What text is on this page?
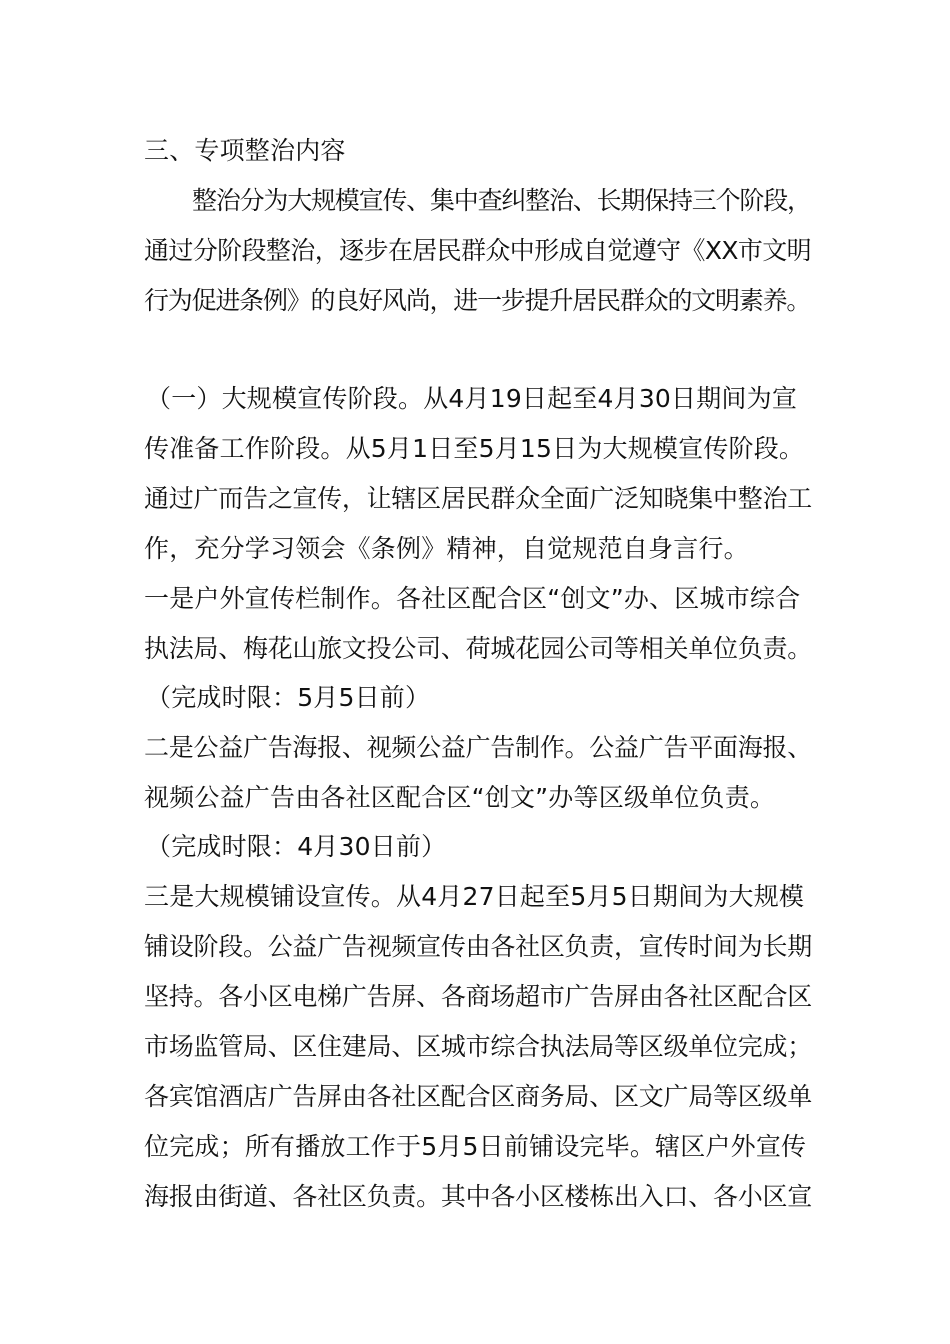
三、专项整治内容

整治分为大规模宣传、集中查纠整治、长期保持三个阶段，

通过分阶段整治，逐步在居民群众中形成自觉遵守《XX市文明

行为促进条例》的良好风尚，进一步提升居民群众的文明素养。

（一）大规模宣传阶段。从4月19日起至4月30日期间为宣

传准备工作阶段。从5月1日至5月15日为大规模宣传阶段。

通过广而告之宣传，让辖区居民群众全面广泛知晓集中整治工

作，充分学习领会《条例》精神，自觉规范自身言行。

一是户外宣传栏制作。各社区配合区“创文”办、区城市综合

执法局、梅花山旅文投公司、荷城花园公司等相关单位负责。

（完成时限：5月5日前）

二是公益广告海报、视频公益广告制作。公益广告平面海报、

视频公益广告由各社区配合区“创文”办等区级单位负责。

（完成时限：4月30日前）

三是大规模铺设宣传。从4月27日起至5月5日期间为大规模

铺设阶段。公益广告视频宣传由各社区负责，宣传时间为长期

坚持。各小区电梯广告屏、各商场超市广告屏由各社区配合区

市场监管局、区住建局、区城市综合执法局等区级单位完成；

各宾馆酒店广告屏由各社区配合区商务局、区文广局等区级单

位完成；所有播放工作于5月5日前铺设完毕。辖区户外宣传

海报由街道、各社区负责。其中各小区楼栋出入口、各小区宣
